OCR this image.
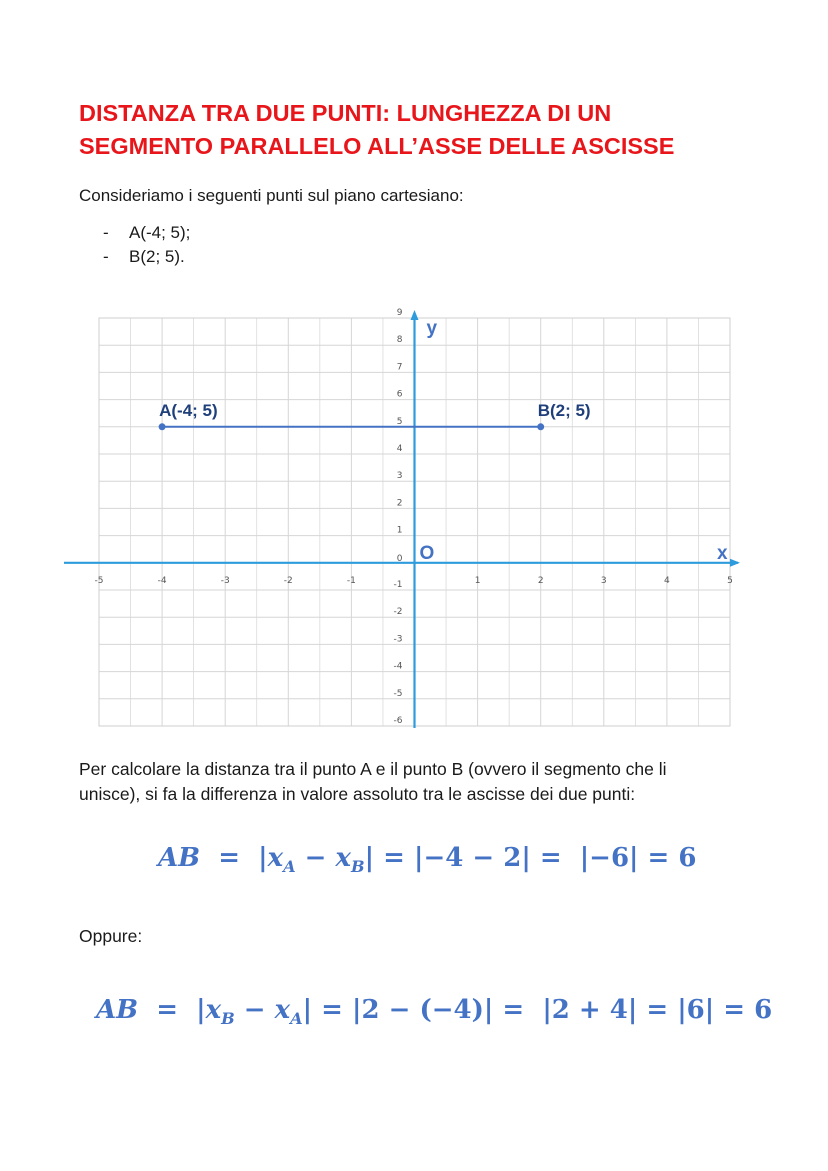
DISTANZA TRA DUE PUNTI: LUNGHEZZA DI UN
SEGMENTO PARALLELO ALL’ASSE DELLE ASCISSE

Consideriamo i seguenti punti sul piano cartesiano:

- A(-4; 5);
- B(2; 5).
-5	-4	-3	-2	-1	1	2	3	4	5
-6
-5
-4
-3
-2
-1
0
1
2
3
4
5
6
7
8
9
y
x
O
A(-4; 5)	B(2; 5)

Per calcolare la distanza tra il punto A e il punto B (ovvero il segmento che li
unisce), si fa la differenza in valore assoluto tra le ascisse dei due punti:

AB  =  $|x_A - x_B| = |-4 - 2| = |-6| = 6$

Oppure:

AB  =  $|x_B - x_A| = |2 - (-4)| = |2 + 4| = |6| = 6$
